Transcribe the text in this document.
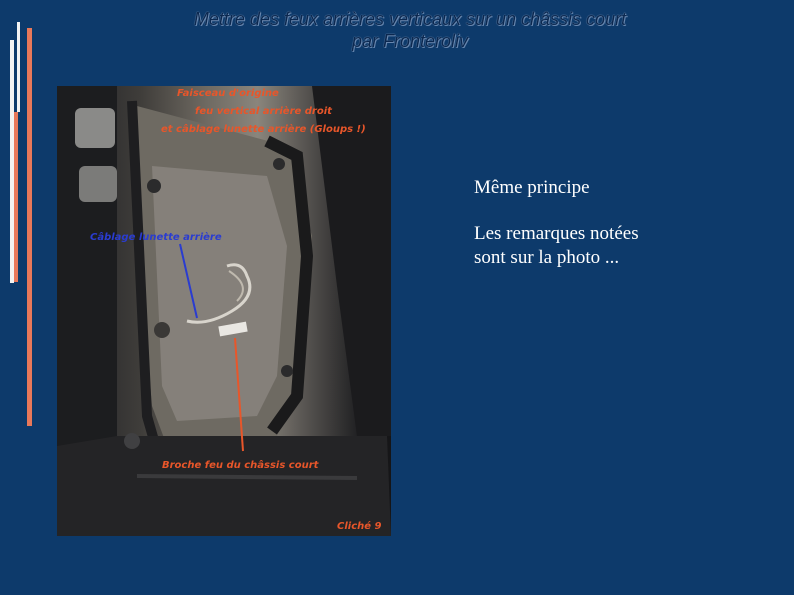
Mettre des feux arrières verticaux sur un châssis court
par Fronteroliv
Faisceau d'origine
feu vertical arrière droit
et câblage lunette arrière (Gloups !)
Câblage lunette arrière
Broche feu du châssis court
Cliché 9

Même principe

Les remarques notées
sont sur la photo ...
